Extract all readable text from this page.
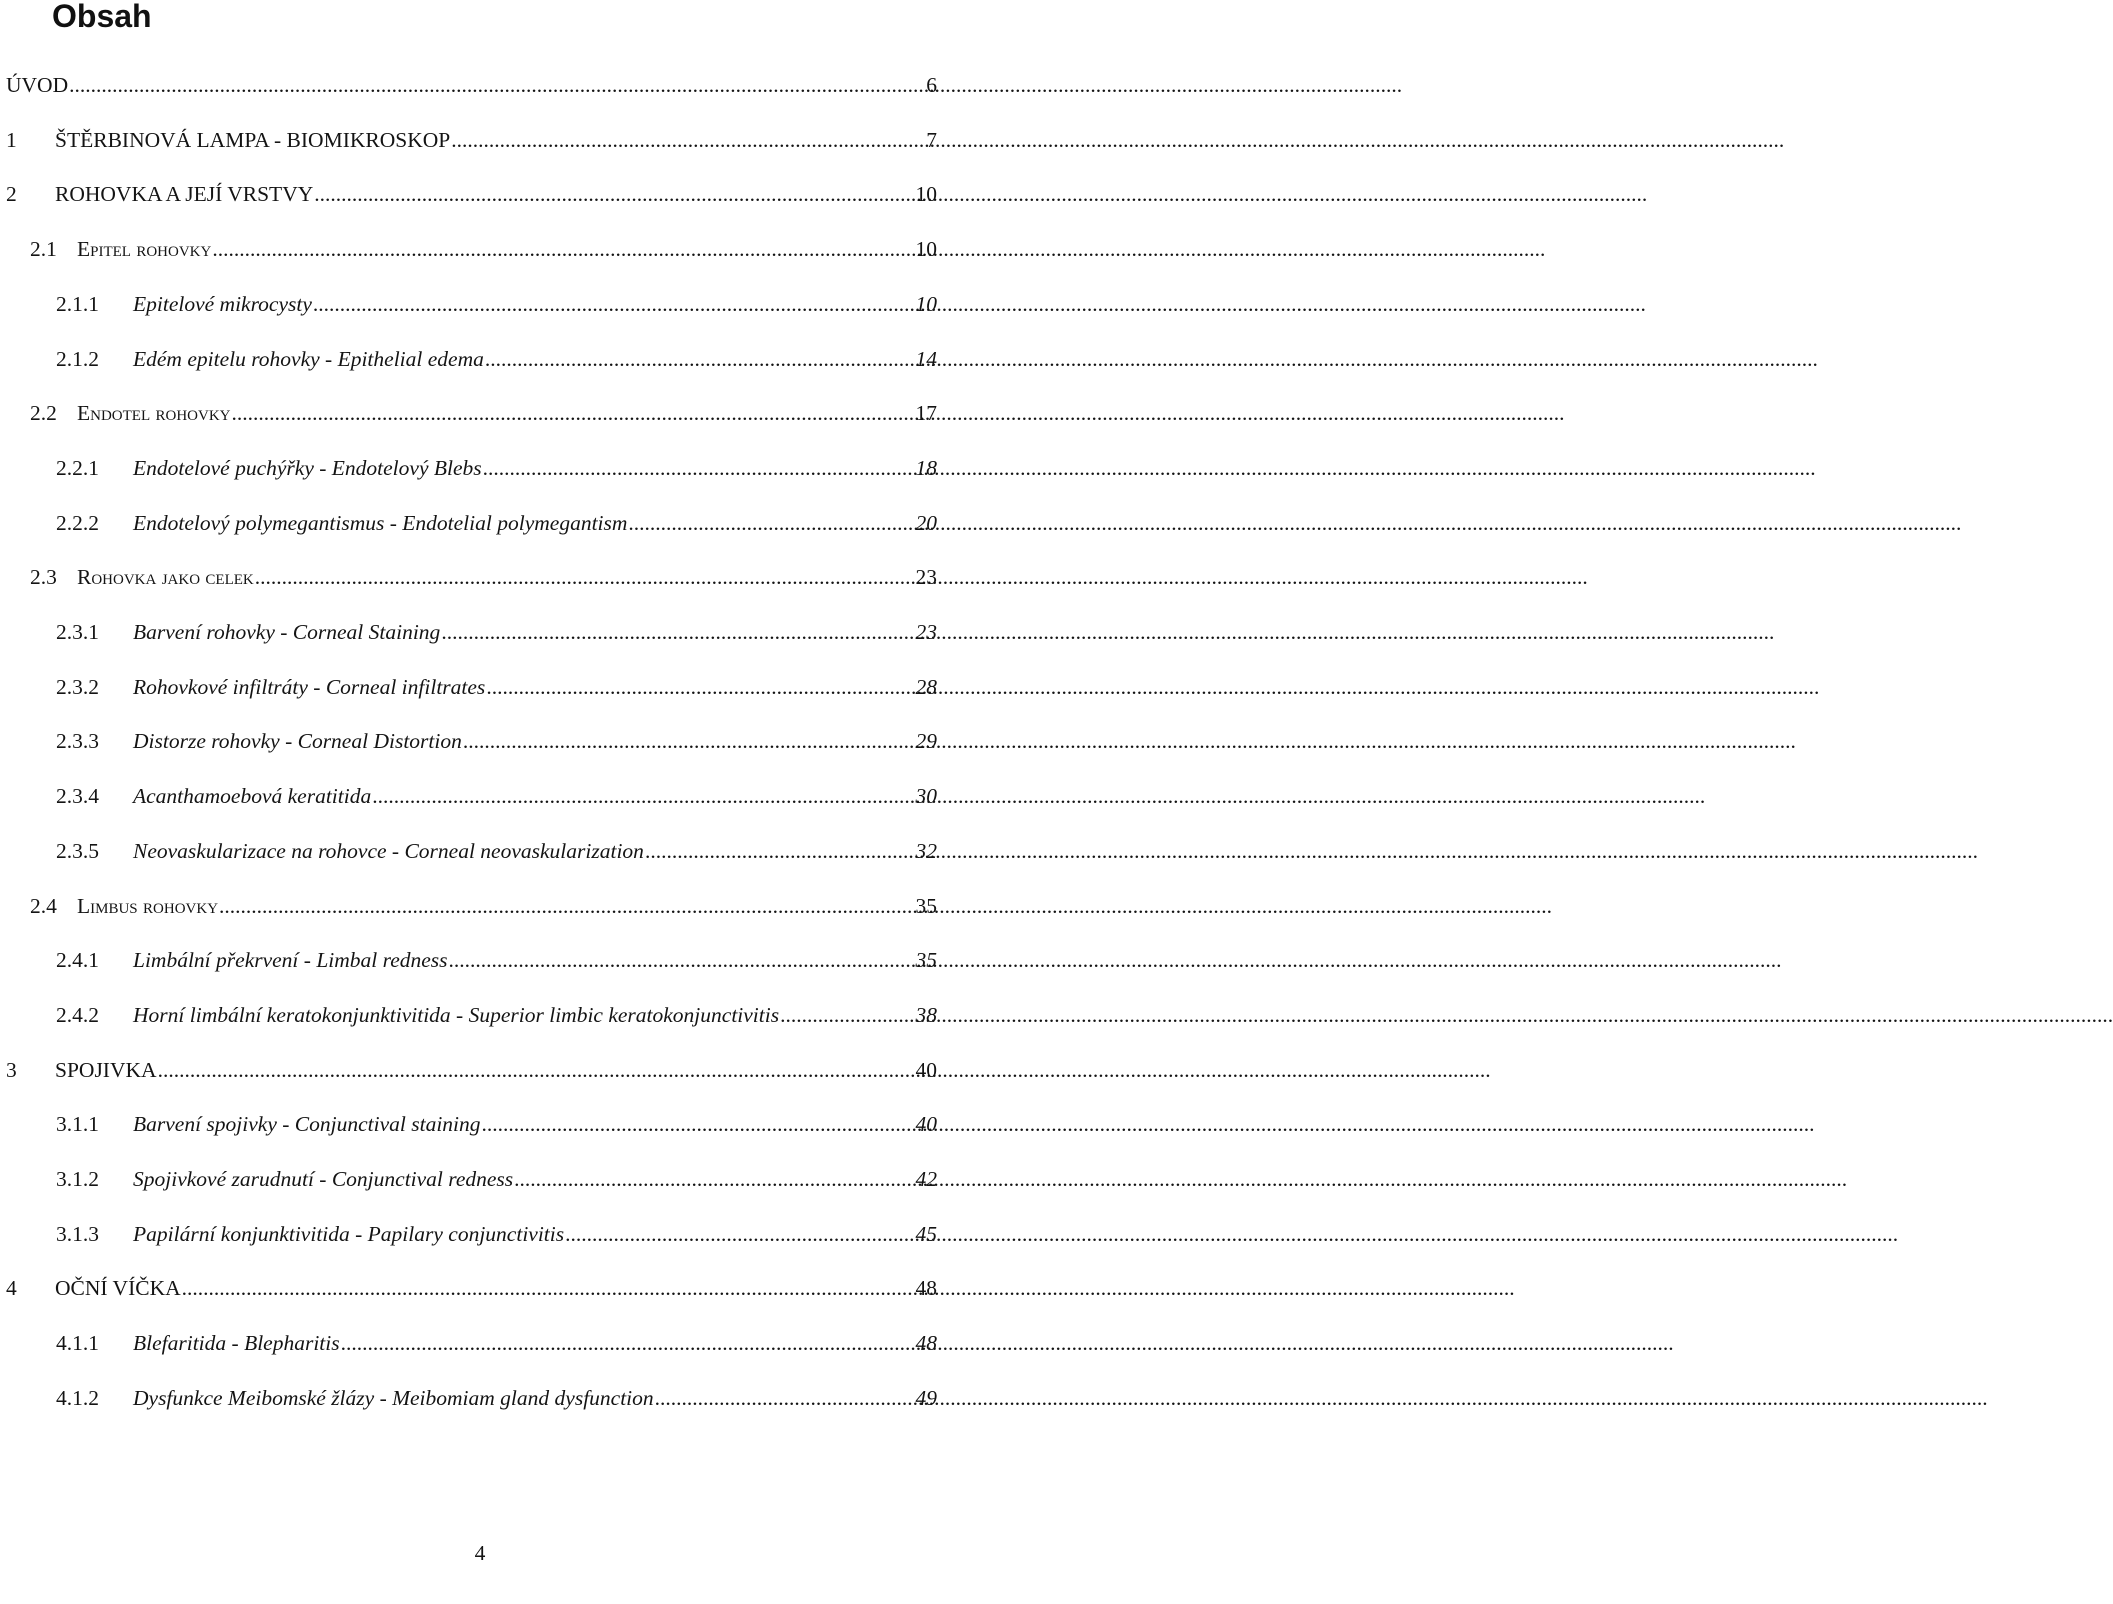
Obsah
ÚVOD .....	6
1	ŠTĚRBINOVÁ LAMPA - BIOMIKROSKOP .....	7
2	ROHOVKA A JEJÍ VRSTVY .....	10
2.1 Epitel rohovky .....	10
2.1.1	Epitelové mikrocysty .....	10
2.1.2	Edém epitelu rohovky - Epithelial edema .....	14
2.2 Endotel rohovky .....	17
2.2.1	Endotelové puchýřky - Endotelový Blebs .....	18
2.2.2	Endotelový polymegantismus - Endotelial polymegantism .....	20
2.3 Rohovka jako celek .....	23
2.3.1	Barvení rohovky - Corneal Staining .....	23
2.3.2	Rohovkové infiltráty - Corneal infiltrates .....	28
2.3.3	Distorze rohovky - Corneal Distortion .....	29
2.3.4	Acanthamoebová keratitida .....	30
2.3.5	Neovaskularizace na rohovce - Corneal neovaskularization .....	32
2.4 Limbus rohovky .....	35
2.4.1	Limbální překrvení - Limbal redness .....	35
2.4.2	Horní limbální keratokonjunktivitida - Superior limbic keratokonjunctivitis .....	38
3	SPOJIVKA .....	40
3.1.1	Barvení spojivky - Conjunctival staining .....	40
3.1.2	Spojivkové zarudnutí - Conjunctival redness .....	42
3.1.3	Papilární konjunktivitida - Papilary conjunctivitis .....	45
4	OČNÍ VÍČKA .....	48
4.1.1	Blefaritida - Blepharitis .....	48
4.1.2	Dysfunkce Meibomské žlázy - Meibomiam gland dysfunction .....	49
4
